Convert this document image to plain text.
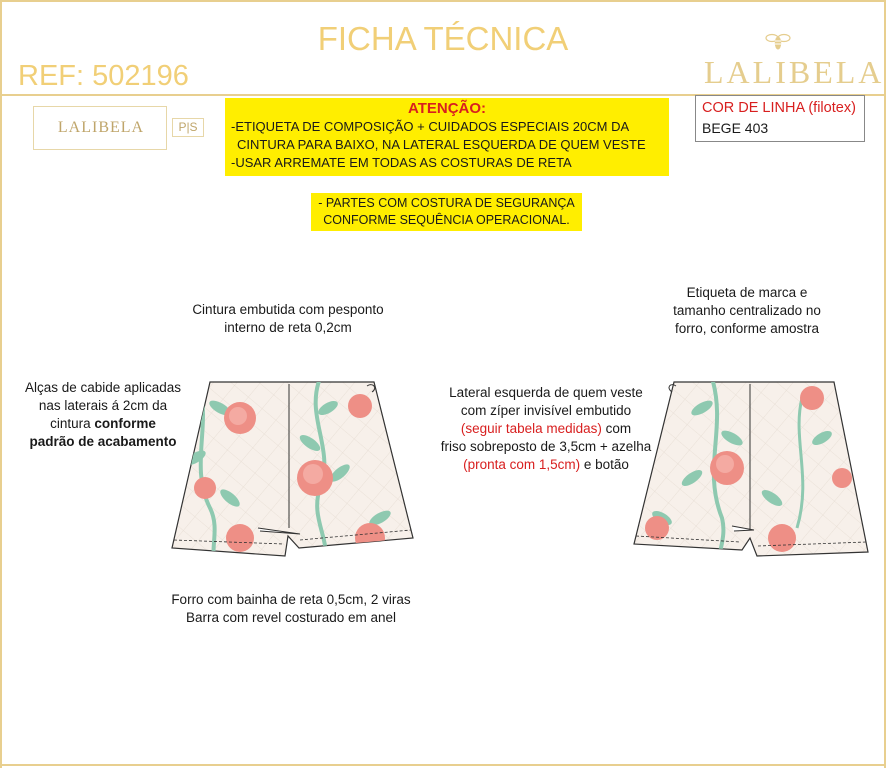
FICHA TÉCNICA
REF: 502196	LALIBELA
LALIBELA	P|S
ATENÇÃO:
-ETIQUETA DE COMPOSIÇÃO + CUIDADOS ESPECIAIS 20CM DA
CINTURA PARA BAIXO, NA LATERAL ESQUERDA DE QUEM VESTE
-USAR ARREMATE EM TODAS AS COSTURAS DE RETA
- PARTES COM COSTURA DE SEGURANÇA
CONFORME SEQUÊNCIA OPERACIONAL.
COR DE LINHA (filotex)
BEGE 403
Cintura embutida com pesponto
interno de reta 0,2cm
Alças de cabide aplicadas
nas laterais á 2cm da
cintura conforme
padrão de acabamento
Forro com bainha de reta 0,5cm, 2 viras
Barra com revel costurado em anel
Lateral esquerda de quem veste
com zíper invisível embutido
(seguir tabela medidas) com
friso sobreposto de 3,5cm + azelha
(pronta com 1,5cm) e botão
Etiqueta de marca e
tamanho centralizado no
forro, conforme amostra
